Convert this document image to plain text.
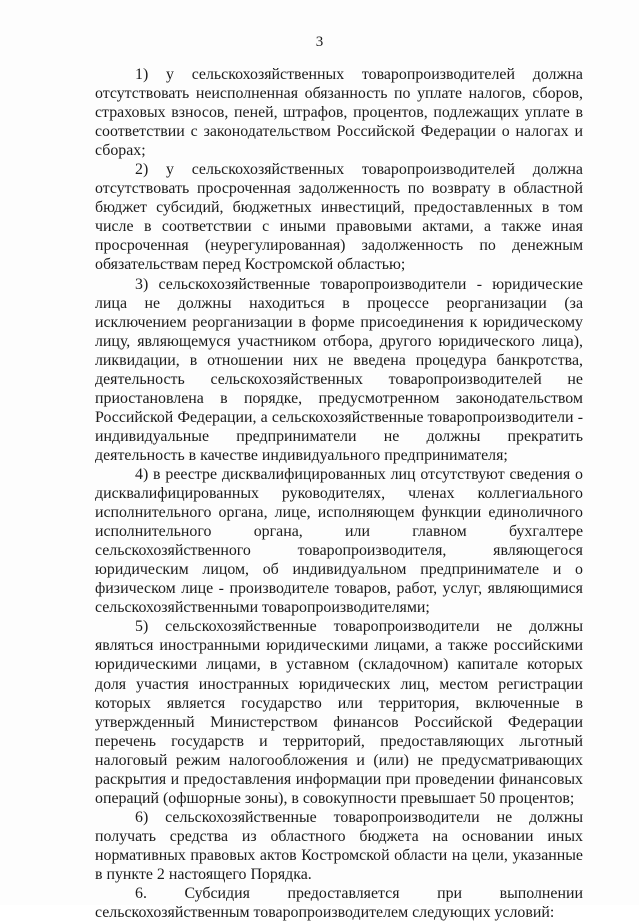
3

1) у сельскохозяйственных товаропроизводителей должна отсутствовать неисполненная обязанность по уплате налогов, сборов, страховых взносов, пеней, штрафов, процентов, подлежащих уплате в соответствии с законодательством Российской Федерации о налогах и сборах;

2) у сельскохозяйственных товаропроизводителей должна отсутствовать просроченная задолженность по возврату в областной бюджет субсидий, бюджетных инвестиций, предоставленных в том числе в соответствии с иными правовыми актами, а также иная просроченная (неурегулированная) задолженность по денежным обязательствам перед Костромской областью;

3) сельскохозяйственные товаропроизводители - юридические лица не должны находиться в процессе реорганизации (за исключением реорганизации в форме присоединения к юридическому лицу, являющемуся участником отбора, другого юридического лица), ликвидации, в отношении них не введена процедура банкротства, деятельность сельскохозяйственных товаропроизводителей не приостановлена в порядке, предусмотренном законодательством Российской Федерации, а сельскохозяйственные товаропроизводители - индивидуальные предприниматели не должны прекратить деятельность в качестве индивидуального предпринимателя;

4) в реестре дисквалифицированных лиц отсутствуют сведения о дисквалифицированных руководителях, членах коллегиального исполнительного органа, лице, исполняющем функции единоличного исполнительного органа, или главном бухгалтере сельскохозяйственного товаропроизводителя, являющегося юридическим лицом, об индивидуальном предпринимателе и о физическом лице - производителе товаров, работ, услуг, являющимися сельскохозяйственными товаропроизводителями;

5) сельскохозяйственные товаропроизводители не должны являться иностранными юридическими лицами, а также российскими юридическими лицами, в уставном (складочном) капитале которых доля участия иностранных юридических лиц, местом регистрации которых является государство или территория, включенные в утвержденный Министерством финансов Российской Федерации перечень государств и территорий, предоставляющих льготный налоговый режим налогообложения и (или) не предусматривающих раскрытия и предоставления информации при проведении финансовых операций (офшорные зоны), в совокупности превышает 50 процентов;

6) сельскохозяйственные товаропроизводители не должны получать средства из областного бюджета на основании иных нормативных правовых актов Костромской области на цели, указанные в пункте 2 настоящего Порядка.

6. Субсидия предоставляется при выполнении сельскохозяйственным товаропроизводителем следующих условий:
